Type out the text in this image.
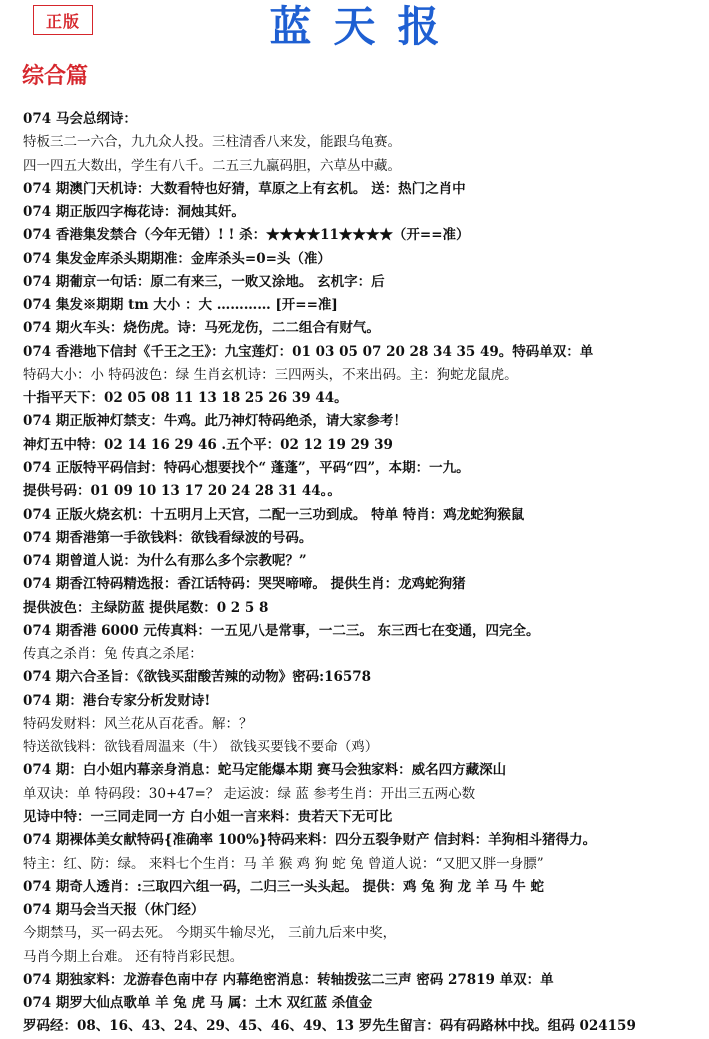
正版	蓝天报
综合篇
074 马会总纲诗：
特板三二一六合，九九众人投。三柱清香八来发，能跟乌龟赛。
四一四五大数出，学生有八千。二五三九赢码胆，六草丛中藏。
074 期澳门天机诗：大数看特也好猜，草原之上有玄机。 送：热门之肖中
074 期正版四字梅花诗：洞烛其奸。
074 香港集发禁合（今年无错）! ! 杀：★★★★11★★★★（开==准）
074 集发金库杀头期期准：金库杀头=0=头（准）
074 期葡京一句话：原二有来三，一败又涂地。 玄机字：后
074 集发※期期 tm 大小 ：大 ………… [开==准]
074 期火车头：烧伤虎。诗：马死龙伤，二二组合有财气。
074 香港地下信封《千王之王》：九宝莲灯：01 03 05 07 20 28 34 35 49。特码单双：单
特码大小：小 特码波色：绿 生肖玄机诗：三四两头，不来出码。主：狗蛇龙鼠虎。
十指平天下：02 05 08 11 13 18 25 26 39 44。
074 期正版神灯禁支：牛鸡。此乃神灯特码绝杀，请大家参考！
神灯五中特：02 14 16 29 46 .五个平：02 12 19 29 39
074 正版特平码信封：特码心想要找个“ 蓬蓬”，平码“四”，本期：一九。
提供号码：01 09 10 13 17 20 24 28 31 44。。
074 正版火烧玄机：十五明月上天宫，二配一三功到成。 特单 特肖：鸡龙蛇狗猴鼠
074 期香港第一手欲钱料：欲钱看绿波的号码。
074 期曾道人说：为什么有那么多个宗教呢？”
074 期香江特码精选报：香江话特码：哭哭啼啼。 提供生肖：龙鸡蛇狗猪
提供波色：主绿防蓝 提供尾数：0 2 5 8
074 期香港 6000 元传真料：一五见八是常事，一二三。 东三西七在变通，四完全。
传真之杀肖：兔 传真之杀尾：
074 期六合圣旨：《欲钱买甜酸苦辣的动物》密码:16578
074 期：港台专家分析发财诗!
特码发财料：风兰花从百花香。解：？
特送欲钱料：欲钱看周温来（牛） 欲钱买要钱不要命（鸡）
074 期：白小姐内幕亲身消息：蛇马定能爆本期 赛马会独家料：威名四方藏深山
单双诀：单 特码段：30+47=？ 走运波：绿 蓝 参考生肖：开出三五两心数
见诗中特：一三同走同一方 白小姐一言来料：贵若天下无可比
074 期裸体美女献特码{准确率 100%}特码来料：四分五裂争财产 信封料：羊狗相斗猪得力。
特主：红、防：绿。 来料七个生肖：马 羊 猴 鸡 狗 蛇 兔 曾道人说：“又肥又胖一身膘”
074 期奇人透肖：:三取四六组一码，二归三一头头起。 提供：鸡 兔 狗 龙 羊 马 牛 蛇
074 期马会当天报（休门经）
今期禁马，买一码去死。 今期买牛输尽光， 三前九后来中奖，
马肖今期上台难。 还有特肖彩民想。
074 期独家料：龙游春色南中存 内幕绝密消息：转轴拨弦二三声 密码 27819 单双：单
074 期罗大仙点歌单 羊 兔 虎 马 属：土木 双红蓝 杀值金
罗码经：08、16、43、24、29、45、46、49、13 罗先生留言：码有码路林中找。组码 024159
